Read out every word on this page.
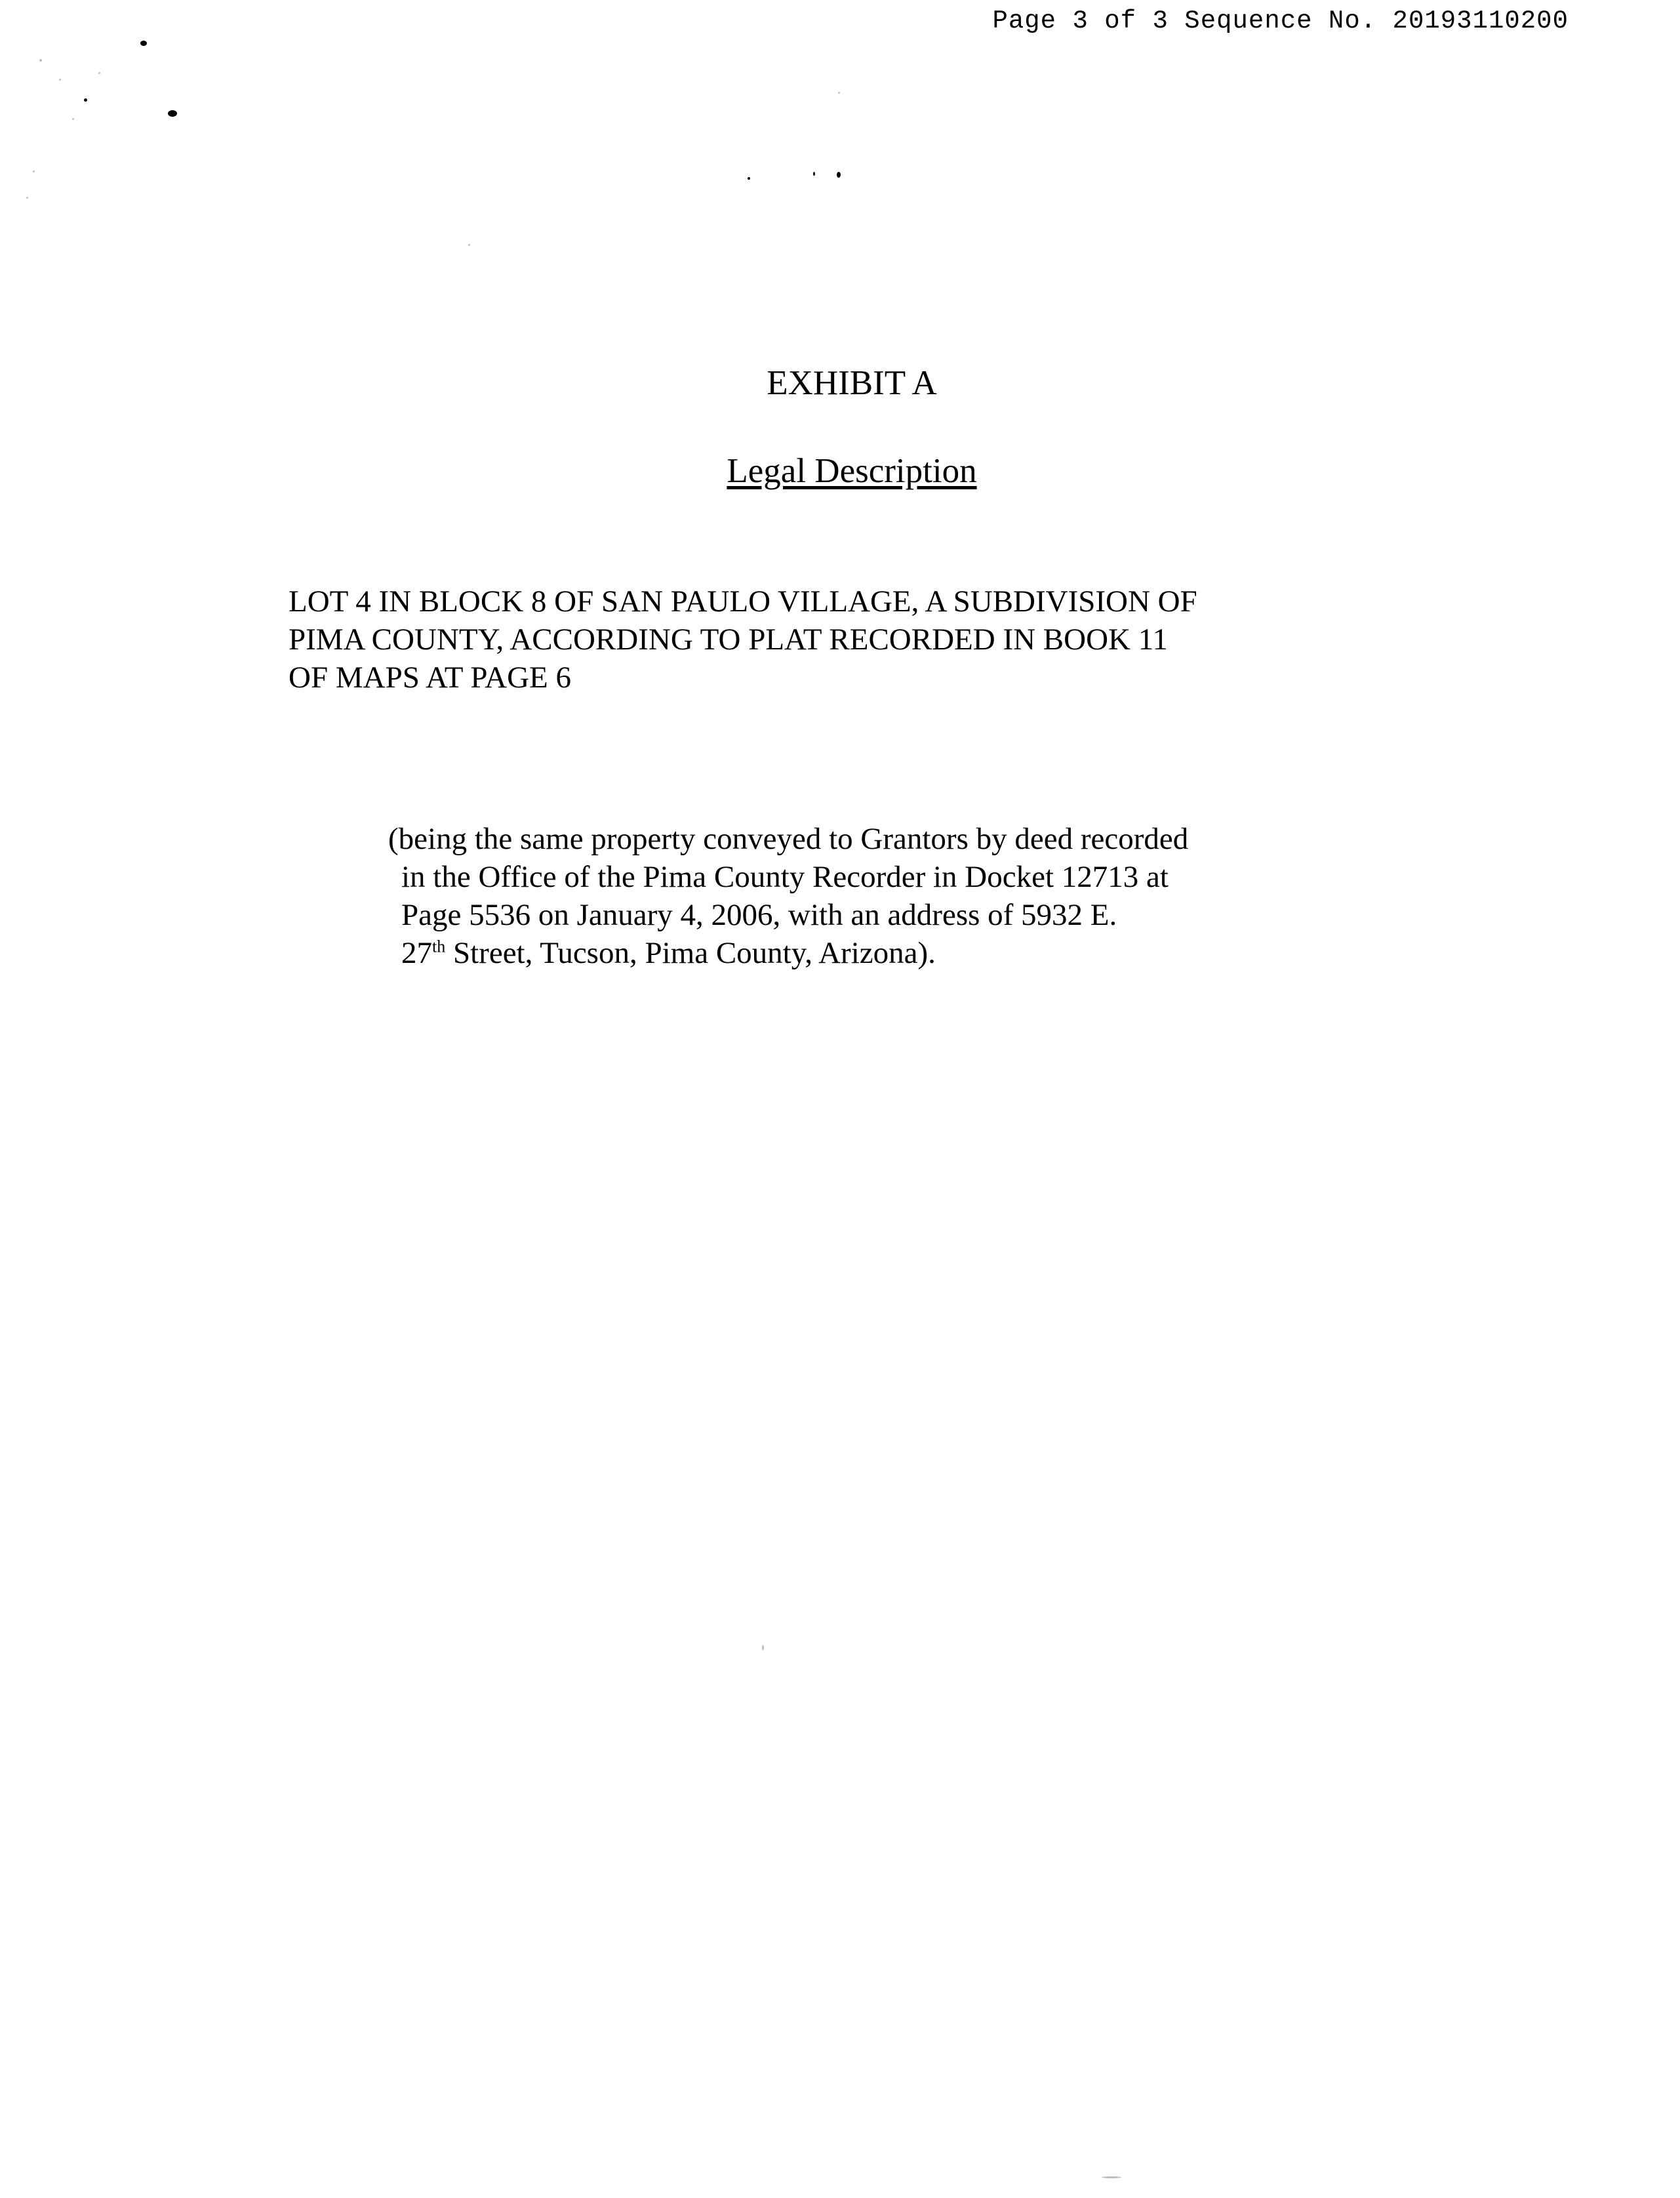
Page 3 of 3 Sequence No. 20193110200
EXHIBIT A
Legal Description
LOT 4 IN BLOCK 8 OF SAN PAULO VILLAGE, A SUBDIVISION OF
PIMA COUNTY, ACCORDING TO PLAT RECORDED IN BOOK 11
OF MAPS AT PAGE 6
(being the same property conveyed to Grantors by deed recorded
in the Office of the Pima County Recorder in Docket 12713 at
Page 5536 on January 4, 2006, with an address of 5932 E.
27th Street, Tucson, Pima County, Arizona).
